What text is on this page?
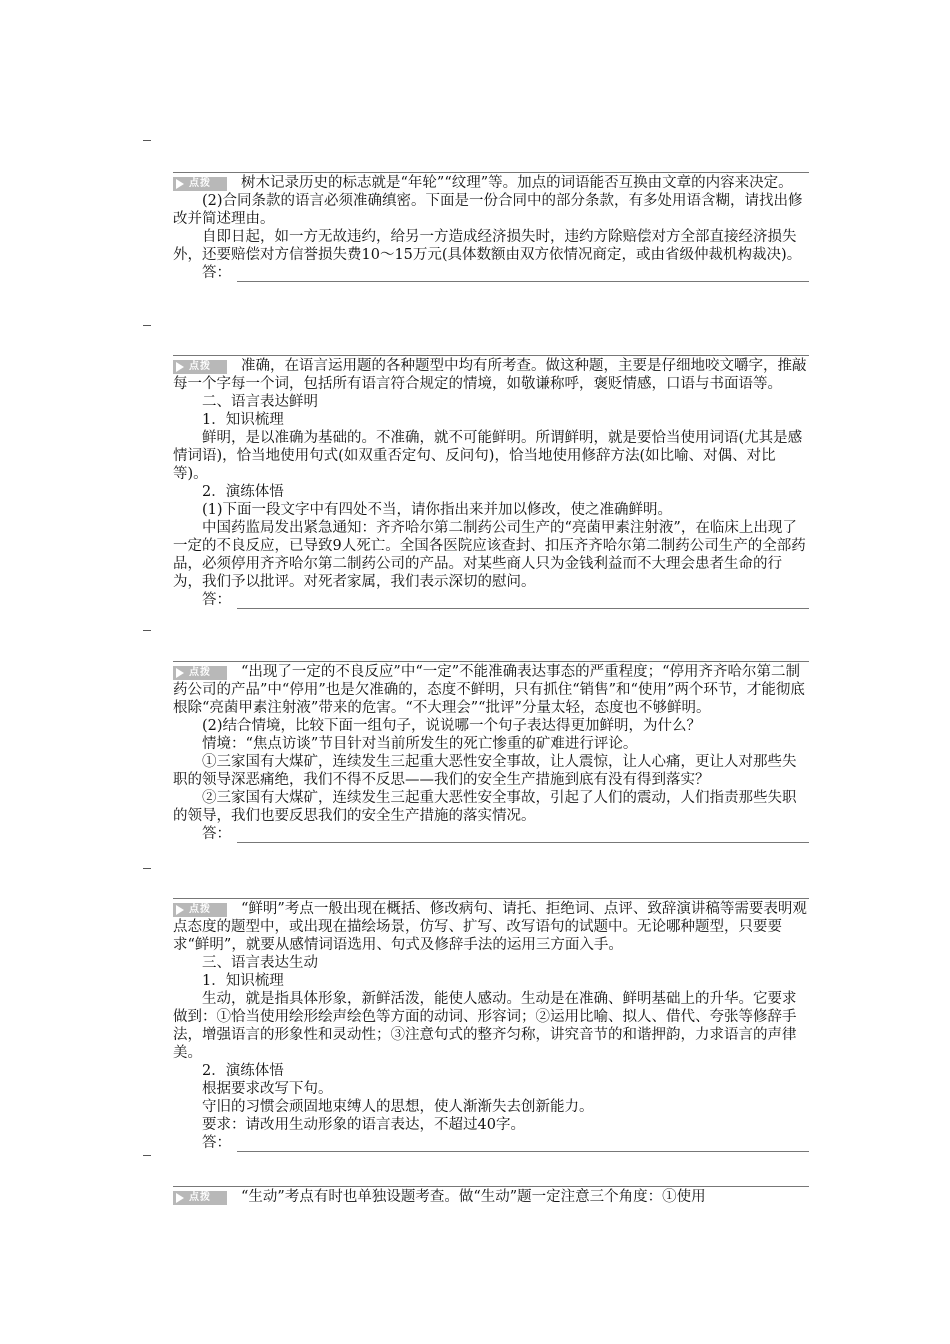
点拨 树木记录历史的标志就是“年轮”“纹理”等。加点的词语能否互换由文章的内容来决定。

(2)合同条款的语言必须准确缜密。下面是一份合同中的部分条款，有多处用语含糊，请找出修改并简述理由。

自即日起，如一方无故违约，给另一方造成经济损失时，违约方除赔偿对方全部直接经济损失外，还要赔偿对方信誉损失费10～15万元(具体数额由双方依情况商定，或由省级仲裁机构裁决)。

答：

点拨 准确，在语言运用题的各种题型中均有所考查。做这种题，主要是仔细地咬文嚼字，推敲每一个字每一个词，包括所有语言符合规定的情境，如敬谦称呼，褒贬情感，口语与书面语等。

二、语言表达鲜明

1．知识梳理

鲜明，是以准确为基础的。不准确，就不可能鲜明。所谓鲜明，就是要恰当使用词语(尤其是感情词语)，恰当地使用句式(如双重否定句、反问句)，恰当地使用修辞方法(如比喻、对偶、对比等)。

2．演练体悟

(1)下面一段文字中有四处不当，请你指出来并加以修改，使之准确鲜明。

中国药监局发出紧急通知：齐齐哈尔第二制药公司生产的“亮菌甲素注射液”，在临床上出现了一定的不良反应，已导致9人死亡。全国各医院应该查封、扣压齐齐哈尔第二制药公司生产的全部药品，必须停用齐齐哈尔第二制药公司的产品。对某些商人只为金钱利益而不大理会患者生命的行为，我们予以批评。对死者家属，我们表示深切的慰问。

答：

点拨 “出现了一定的不良反应”中“一定”不能准确表达事态的严重程度；“停用齐齐哈尔第二制药公司的产品”中“停用”也是欠准确的，态度不鲜明，只有抓住“销售”和“使用”两个环节，才能彻底根除“亮菌甲素注射液”带来的危害。“不大理会”“批评”分量太轻，态度也不够鲜明。

(2)结合情境，比较下面一组句子，说说哪一个句子表达得更加鲜明，为什么？

情境：“焦点访谈”节目针对当前所发生的死亡惨重的矿难进行评论。

①三家国有大煤矿，连续发生三起重大恶性安全事故，让人震惊，让人心痛，更让人对那些失职的领导深恶痛绝，我们不得不反思——我们的安全生产措施到底有没有得到落实？

②三家国有大煤矿，连续发生三起重大恶性安全事故，引起了人们的震动，人们指责那些失职的领导，我们也要反思我们的安全生产措施的落实情况。

答：

点拨 “鲜明”考点一般出现在概括、修改病句、请托、拒绝词、点评、致辞演讲稿等需要表明观点态度的题型中，或出现在描绘场景，仿写、扩写、改写语句的试题中。无论哪种题型，只要要求“鲜明”，就要从感情词语选用、句式及修辞手法的运用三方面入手。

三、语言表达生动

1．知识梳理

生动，就是指具体形象，新鲜活泼，能使人感动。生动是在准确、鲜明基础上的升华。它要求做到：①恰当使用绘形绘声绘色等方面的动词、形容词；②运用比喻、拟人、借代、夸张等修辞手法，增强语言的形象性和灵动性；③注意句式的整齐匀称，讲究音节的和谐押韵，力求语言的声律美。

2．演练体悟

根据要求改写下句。

守旧的习惯会顽固地束缚人的思想，使人渐渐失去创新能力。

要求：请改用生动形象的语言表达，不超过40字。

答：

点拨 “生动”考点有时也单独设题考查。做“生动”题一定注意三个角度：①使用
